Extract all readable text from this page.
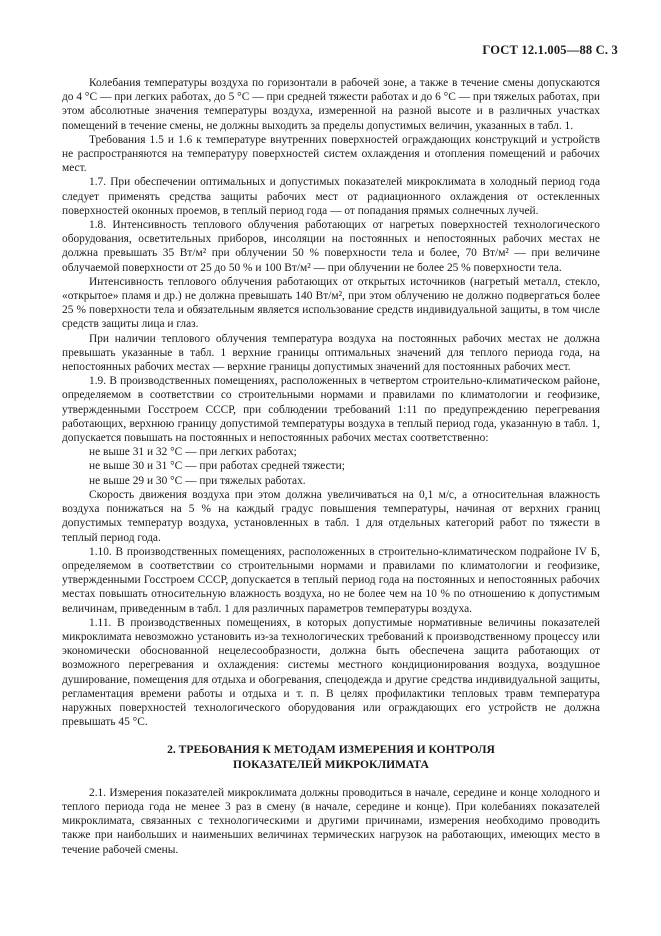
ГОСТ 12.1.005—88 С. 3

Колебания температуры воздуха по горизонтали в рабочей зоне, а также в течение смены допускаются до 4 °С — при легких работах, до 5 °С — при средней тяжести работах и до 6 °С — при тяжелых работах, при этом абсолютные значения температуры воздуха, измеренной на разной высоте и в различных участках помещений в течение смены, не должны выходить за пределы допустимых величин, указанных в табл. 1.

Требования 1.5 и 1.6 к температуре внутренних поверхностей ограждающих конструкций и устройств не распространяются на температуру поверхностей систем охлаждения и отопления помещений и рабочих мест.

1.7. При обеспечении оптимальных и допустимых показателей микроклимата в холодный период года следует применять средства защиты рабочих мест от радиационного охлаждения от остекленных поверхностей оконных проемов, в теплый период года — от попадания прямых солнечных лучей.

1.8. Интенсивность теплового облучения работающих от нагретых поверхностей технологического оборудования, осветительных приборов, инсоляции на постоянных и непостоянных рабочих местах не должна превышать 35 Вт/м² при облучении 50 % поверхности тела и более, 70 Вт/м² — при величине облучаемой поверхности от 25 до 50 % и 100 Вт/м² — при облучении не более 25 % поверхности тела.

Интенсивность теплового облучения работающих от открытых источников (нагретый металл, стекло, «открытое» пламя и др.) не должна превышать 140 Вт/м², при этом облучению не должно подвергаться более 25 % поверхности тела и обязательным является использование средств индивидуальной защиты, в том числе средств защиты лица и глаз.

При наличии теплового облучения температура воздуха на постоянных рабочих местах не должна превышать указанные в табл. 1 верхние границы оптимальных значений для теплого периода года, на непостоянных рабочих местах — верхние границы допустимых значений для постоянных рабочих мест.

1.9. В производственных помещениях, расположенных в четвертом строительно-климатическом районе, определяемом в соответствии со строительными нормами и правилами по климатологии и геофизике, утвержденными Госстроем СССР, при соблюдении требований 1:11 по предупреждению перегревания работающих, верхнюю границу допустимой температуры воздуха в теплый период года, указанную в табл. 1, допускается повышать на постоянных и непостоянных рабочих местах соответственно:

не выше 31 и 32 °С — при легких работах;

не выше 30 и 31 °С — при работах средней тяжести;

не выше 29 и 30 °С — при тяжелых работах.

Скорость движения воздуха при этом должна увеличиваться на 0,1 м/с, а относительная влажность воздуха понижаться на 5 % на каждый градус повышения температуры, начиная от верхних границ допустимых температур воздуха, установленных в табл. 1 для отдельных категорий работ по тяжести в теплый период года.

1.10. В производственных помещениях, расположенных в строительно-климатическом подрайоне IV Б, определяемом в соответствии со строительными нормами и правилами по климатологии и геофизике, утвержденными Госстроем СССР, допускается в теплый период года на постоянных и непостоянных рабочих местах повышать относительную влажность воздуха, но не более чем на 10 % по отношению к допустимым величинам, приведенным в табл. 1 для различных параметров температуры воздуха.

1.11. В производственных помещениях, в которых допустимые нормативные величины показателей микроклимата невозможно установить из-за технологических требований к производственному процессу или экономически обоснованной нецелесообразности, должна быть обеспечена защита работающих от возможного перегревания и охлаждения: системы местного кондиционирования воздуха, воздушное душирование, помещения для отдыха и обогревания, спецодежда и другие средства индивидуальной защиты, регламентация времени работы и отдыха и т. п. В целях профилактики тепловых травм температура наружных поверхностей технологического оборудования или ограждающих его устройств не должна превышать 45 °С.

2. ТРЕБОВАНИЯ К МЕТОДАМ ИЗМЕРЕНИЯ И КОНТРОЛЯ
ПОКАЗАТЕЛЕЙ МИКРОКЛИМАТА

2.1. Измерения показателей микроклимата должны проводиться в начале, середине и конце холодного и теплого периода года не менее 3 раз в смену (в начале, середине и конце). При колебаниях показателей микроклимата, связанных с технологическими и другими причинами, измерения необходимо проводить также при наибольших и наименьших величинах термических нагрузок на работающих, имеющих место в течение рабочей смены.
